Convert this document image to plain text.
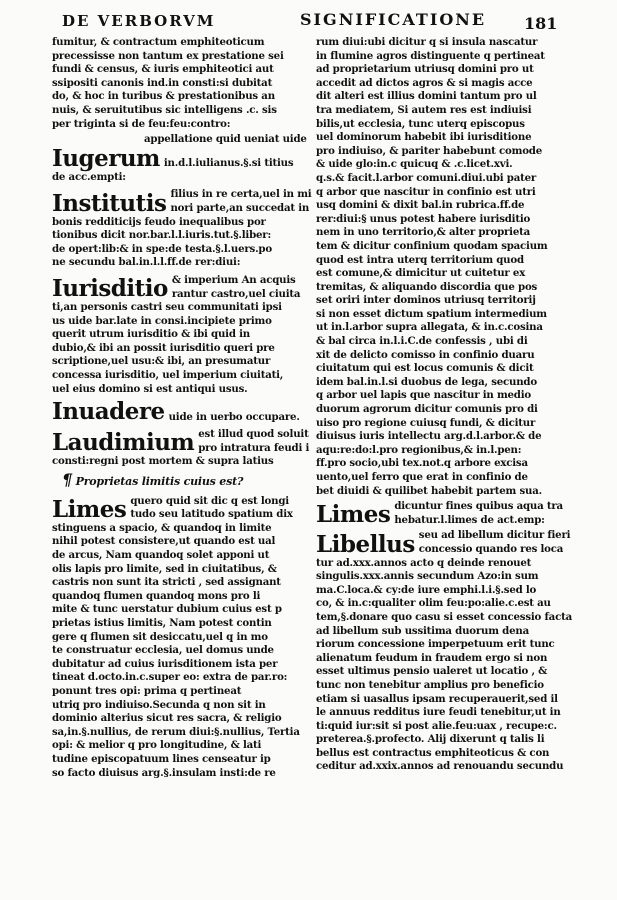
DE VERBORVM	SIGNIFICATIONE 181
fumitur, & contractum emphiteoticum
precessisse non tantum ex prestatione sei
fundi & census, & iuris emphiteotici aut
ssipositi canonis ind.in consti:si dubitat
do, & hoc in turibus & prestationibus an
nuis, & seruitutibus sic intelligens .c. sis
per triginta si de feu:feu:contro:
appellatione quid ueniat uide
Iugerum in.d.l.iulianus.§.si titius
de acc.empti:
Institutis filius in re certa,uel in mi
nori parte,an succedat in
bonis redditicijs feudo inequalibus por
tionibus dicit nor.bar.l.l.iuris.tut.§.liber:
de opert:lib:& in spe:de testa.§.l.uers.po
ne secundu bal.in.l.l.ff.de rer:diui:
Iurisditio & imperium An acquis
rantur castro,uel ciuita
ti,an personis castri seu communitati ipsi
us uide bar.late in consi.incipiete primo
querit utrum iurisditio & ibi quid in
dubio,& ibi an possit iurisditio queri pre
scriptione,uel usu:& ibi, an presumatur
concessa iurisditio, uel imperium ciuitati,
uel eius domino si est antiqui usus.
Inuadere uide in uerbo occupare.
Laudimium est illud quod soluit
pro intratura feudi i
consti:regni post mortem & supra latius
¶ Proprietas limitis cuius est?
Limes quero quid sit dic q est longi
tudo seu latitudo spatium dix
stinguens a spacio, & quandoq in limite
nihil potest consistere,ut quando est ual
de arcus, Nam quandoq solet apponi ut
olis lapis pro limite, sed in ciuitatibus, &
castris non sunt ita stricti , sed assignant
quandoq flumen quandoq mons pro li
mite & tunc uerstatur dubium cuius est p
prietas istius limitis, Nam potest contin
gere q flumen sit desiccatu,uel q in mo
te construatur ecclesia, uel domus unde
dubitatur ad cuius iurisditionem ista per
tineat d.octo.in.c.super eo: extra de par.ro:
ponunt tres opi: prima q pertineat
utriq pro indiuiso.Secunda q non sit in
dominio alterius sicut res sacra, & religio
sa,in.§.nullius, de rerum diui:§.nullius, Tertia
opi: & melior q pro longitudine, & lati
tudine episcopatuum lines censeatur ip
so facto diuisus arg.§.insulam insti:de re
rum diui:ubi dicitur q si insula nascatur
in flumine agros distinguente q pertineat
ad proprietarium utriusq domini pro ut
accedit ad dictos agros & si magis acce
dit alteri est illius domini tantum pro ul
tra mediatem, Si autem res est indiuisi
bilis,ut ecclesia, tunc uterq episcopus
uel dominorum habebit ibi iurisditione
pro indiuiso, & pariter habebunt comode
& uide glo:in.c quicuq & .c.licet.xvi.
q.s.& facit.l.arbor comuni.diui.ubi pater
q arbor que nascitur in confinio est utri
usq domini & dixit bal.in rubrica.ff.de
rer:diui:§ unus potest habere iurisditio
nem in uno territorio,& alter proprieta
tem & dicitur confinium quodam spacium
quod est intra uterq territorium quod
est comune,& dimicitur ut cuitetur ex
tremitas, & aliquando discordia que pos
set oriri inter dominos utriusq territorij
si non esset dictum spatium intermedium
ut in.l.arbor supra allegata, & in.c.cosina
& bal circa in.l.i.C.de confessis , ubi di
xit de delicto comisso in confinio duaru
ciuitatum qui est locus comunis & dicit
idem bal.in.l.si duobus de lega, secundo
q arbor uel lapis que nascitur in medio
duorum agrorum dicitur comunis pro di
uiso pro regione cuiusq fundi, & dicitur
diuisus iuris intellectu arg.d.l.arbor.& de
aqu:re:do:l.pro regionibus,& in.l.pen:
ff.pro socio,ubi tex.not.q arbore excisa
uento,uel ferro que erat in confinio de
bet diuidi & quilibet habebit partem sua.
Limes dicuntur fines quibus aqua tra
hebatur.l.limes de act.emp:
Libellus seu ad libellum dicitur fieri
concessio quando res loca
tur ad.xxx.annos acto q deinde renouet
singulis.xxx.annis secundum Azo:in sum
ma.C.loca.& cy:de iure emphi.l.i.§.sed lo
co, & in.c:qualiter olim feu:po:alie.c.est au
tem,§.donare quo casu si esset concessio facta
ad libellum sub ussitima duorum dena
riorum concessione imperpetuum erit tunc
alienatum feudum in fraudem ergo si non
esset ultimus pensio ualeret ut locatio , &
tunc non tenebitur amplius pro beneficio
etiam si uasallus ipsam recuperauerit,sed il
le annuus redditus iure feudi tenebitur,ut in
ti:quid iur:sit si post alie.feu:uax , recupe:c.
preterea.§.profecto. Alij dixerunt q talis li
bellus est contractus emphiteoticus & con
ceditur ad.xxix.annos ad renouandu secundu
